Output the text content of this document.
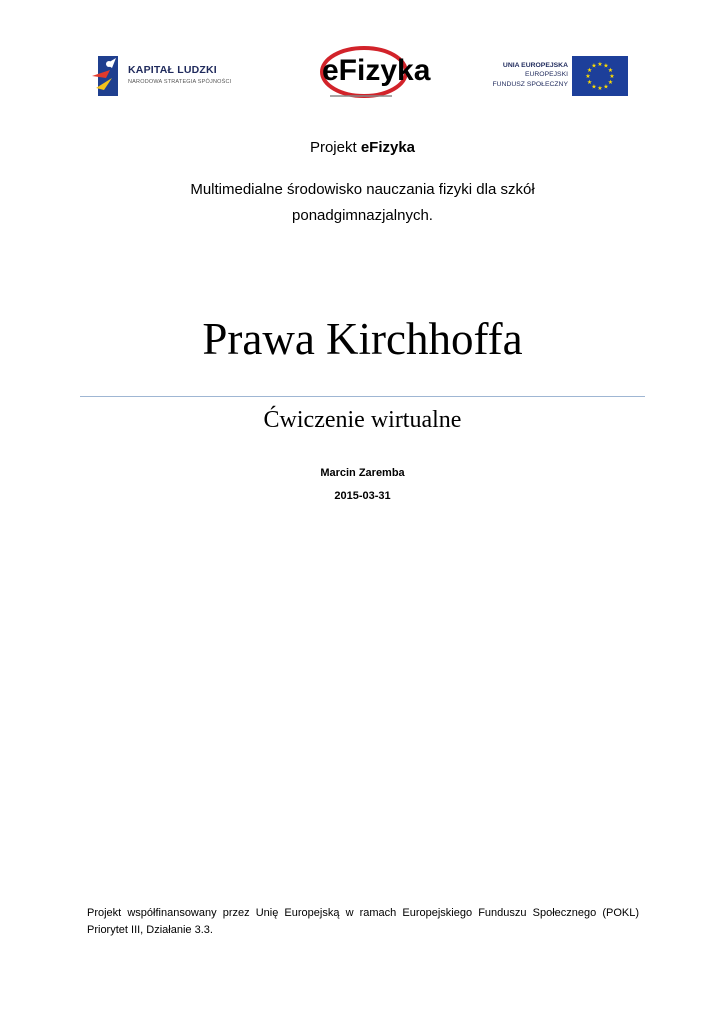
KAPITAŁ LUDZKI
NARODOWA STRATEGIA SPÓJNOŚCI	eFizyka	UNIA EUROPEJSKA
EUROPEJSKI
FUNDUSZ SPOŁECZNY
★ ★
★
★
★
★
★
★
★
★
★
★
Projekt eFizyka
Multimedialne środowisko nauczania fizyki dla szkół
ponadgimnazjalnych.
Prawa Kirchhoffa
Ćwiczenie wirtualne
Marcin Zaremba
2015-03-31
Projekt współfinansowany przez Unię Europejską w ramach Europejskiego Funduszu Społecznego (POKL) Priorytet III, Działanie 3.3.
